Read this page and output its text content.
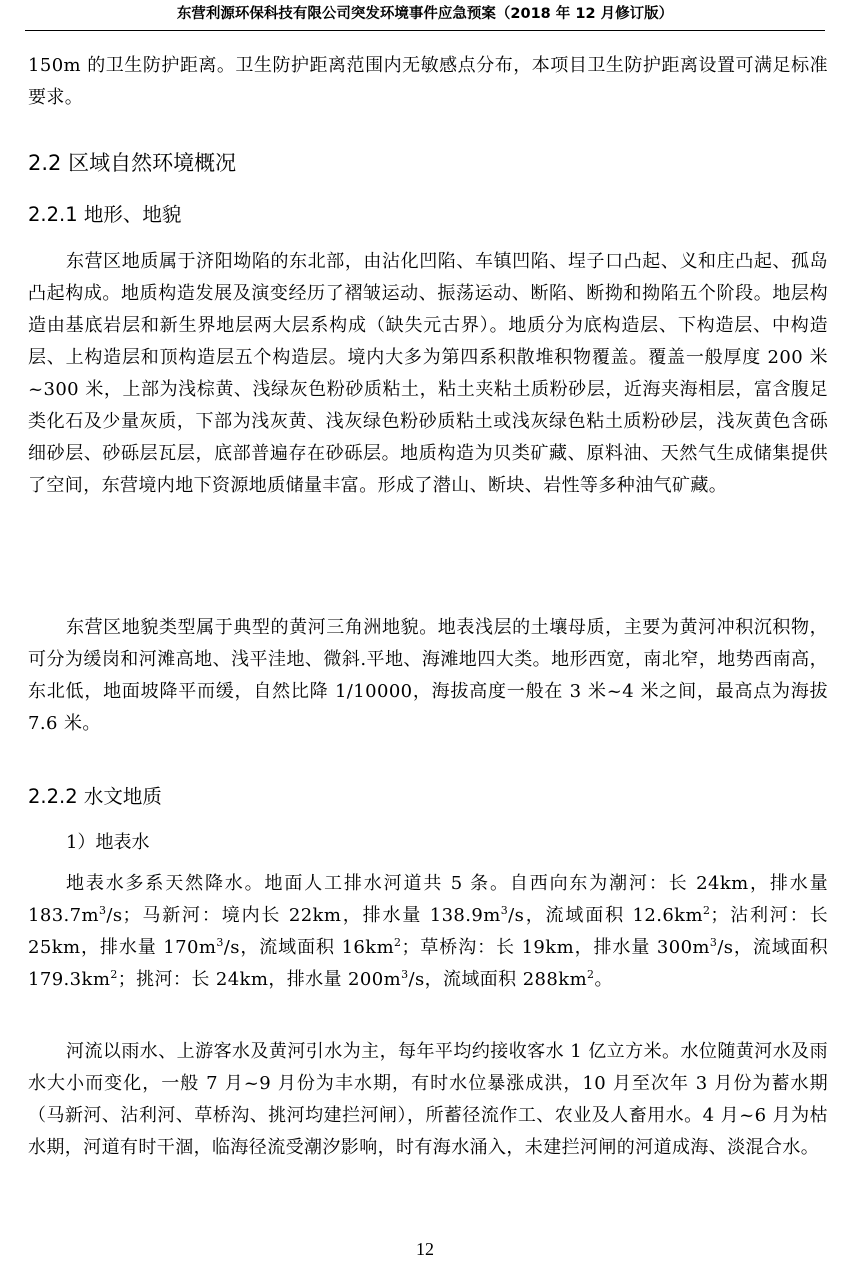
东营利源环保科技有限公司突发环境事件应急预案（2018 年 12 月修订版）

150m 的卫生防护距离。卫生防护距离范围内无敏感点分布，本项目卫生防护距离设置可满足标准要求。

2.2 区域自然环境概况
2.2.1 地形、地貌

东营区地质属于济阳坳陷的东北部，由沾化凹陷、车镇凹陷、埕子口凸起、义和庄凸起、孤岛凸起构成。地质构造发展及演变经历了褶皱运动、振荡运动、断陷、断拗和拗陷五个阶段。地层构造由基底岩层和新生界地层两大层系构成（缺失元古界）。地质分为底构造层、下构造层、中构造层、上构造层和顶构造层五个构造层。境内大多为第四系积散堆积物覆盖。覆盖一般厚度 200 米~300 米，上部为浅棕黄、浅绿灰色粉砂质粘土，粘土夹粘土质粉砂层，近海夹海相层，富含腹足类化石及少量灰质，下部为浅灰黄、浅灰绿色粉砂质粘土或浅灰绿色粘土质粉砂层，浅灰黄色含砾细砂层、砂砾层瓦层，底部普遍存在砂砾层。地质构造为贝类矿藏、原料油、天然气生成储集提供了空间，东营境内地下资源地质储量丰富。形成了潜山、断块、岩性等多种油气矿藏。

东营区地貌类型属于典型的黄河三角洲地貌。地表浅层的土壤母质，主要为黄河冲积沉积物，可分为缓岗和河滩高地、浅平洼地、微斜.平地、海滩地四大类。地形西宽，南北窄，地势西南高，东北低，地面坡降平而缓，自然比降 1/10000，海拔高度一般在 3 米~4 米之间，最高点为海拔 7.6 米。

2.2.2 水文地质
1）地表水

地表水多系天然降水。地面人工排水河道共 5 条。自西向东为潮河：长 24km，排水量 $183.7m^3/s$；马新河：境内长 22km，排水量 $138.9m^3/s$，流域面积 $12.6km^2$；沾利河：长 25km，排水量 $170m^3/s$，流域面积 $16km^2$；草桥沟：长 19km，排水量 $300m^3/s$，流域面积 $179.3km^2$；挑河：长 24km，排水量 $200m^3/s$，流域面积 $288km^2$。

河流以雨水、上游客水及黄河引水为主，每年平均约接收客水 1 亿立方米。水位随黄河水及雨水大小而变化，一般 7 月~9 月份为丰水期，有时水位暴涨成洪，10 月至次年 3 月份为蓄水期（马新河、沾利河、草桥沟、挑河均建拦河闸），所蓄径流作工、农业及人畜用水。4 月~6 月为枯水期，河道有时干涸，临海径流受潮汐影响，时有海水涌入，未建拦河闸的河道成海、淡混合水。

12
